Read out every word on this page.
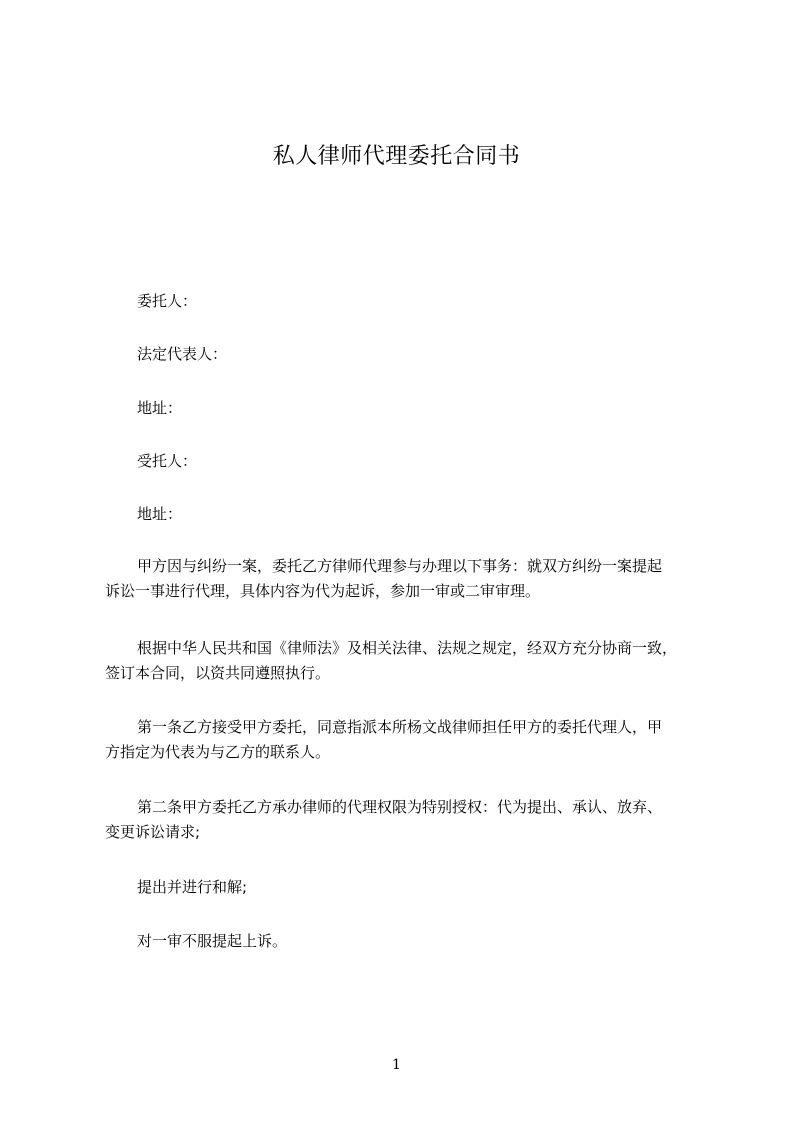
私人律师代理委托合同书
委托人：
法定代表人：
地址：
受托人：
地址：
甲方因与纠纷一案，委托乙方律师代理参与办理以下事务：就双方纠纷一案提起
诉讼一事进行代理，具体内容为代为起诉，参加一审或二审审理。
根据中华人民共和国《律师法》及相关法律、法规之规定，经双方充分协商一致，
签订本合同，以资共同遵照执行。
第一条乙方接受甲方委托，同意指派本所杨文战律师担任甲方的委托代理人，甲
方指定为代表为与乙方的联系人。
第二条甲方委托乙方承办律师的代理权限为特别授权：代为提出、承认、放弃、
变更诉讼请求;
提出并进行和解;
对一审不服提起上诉。
1
